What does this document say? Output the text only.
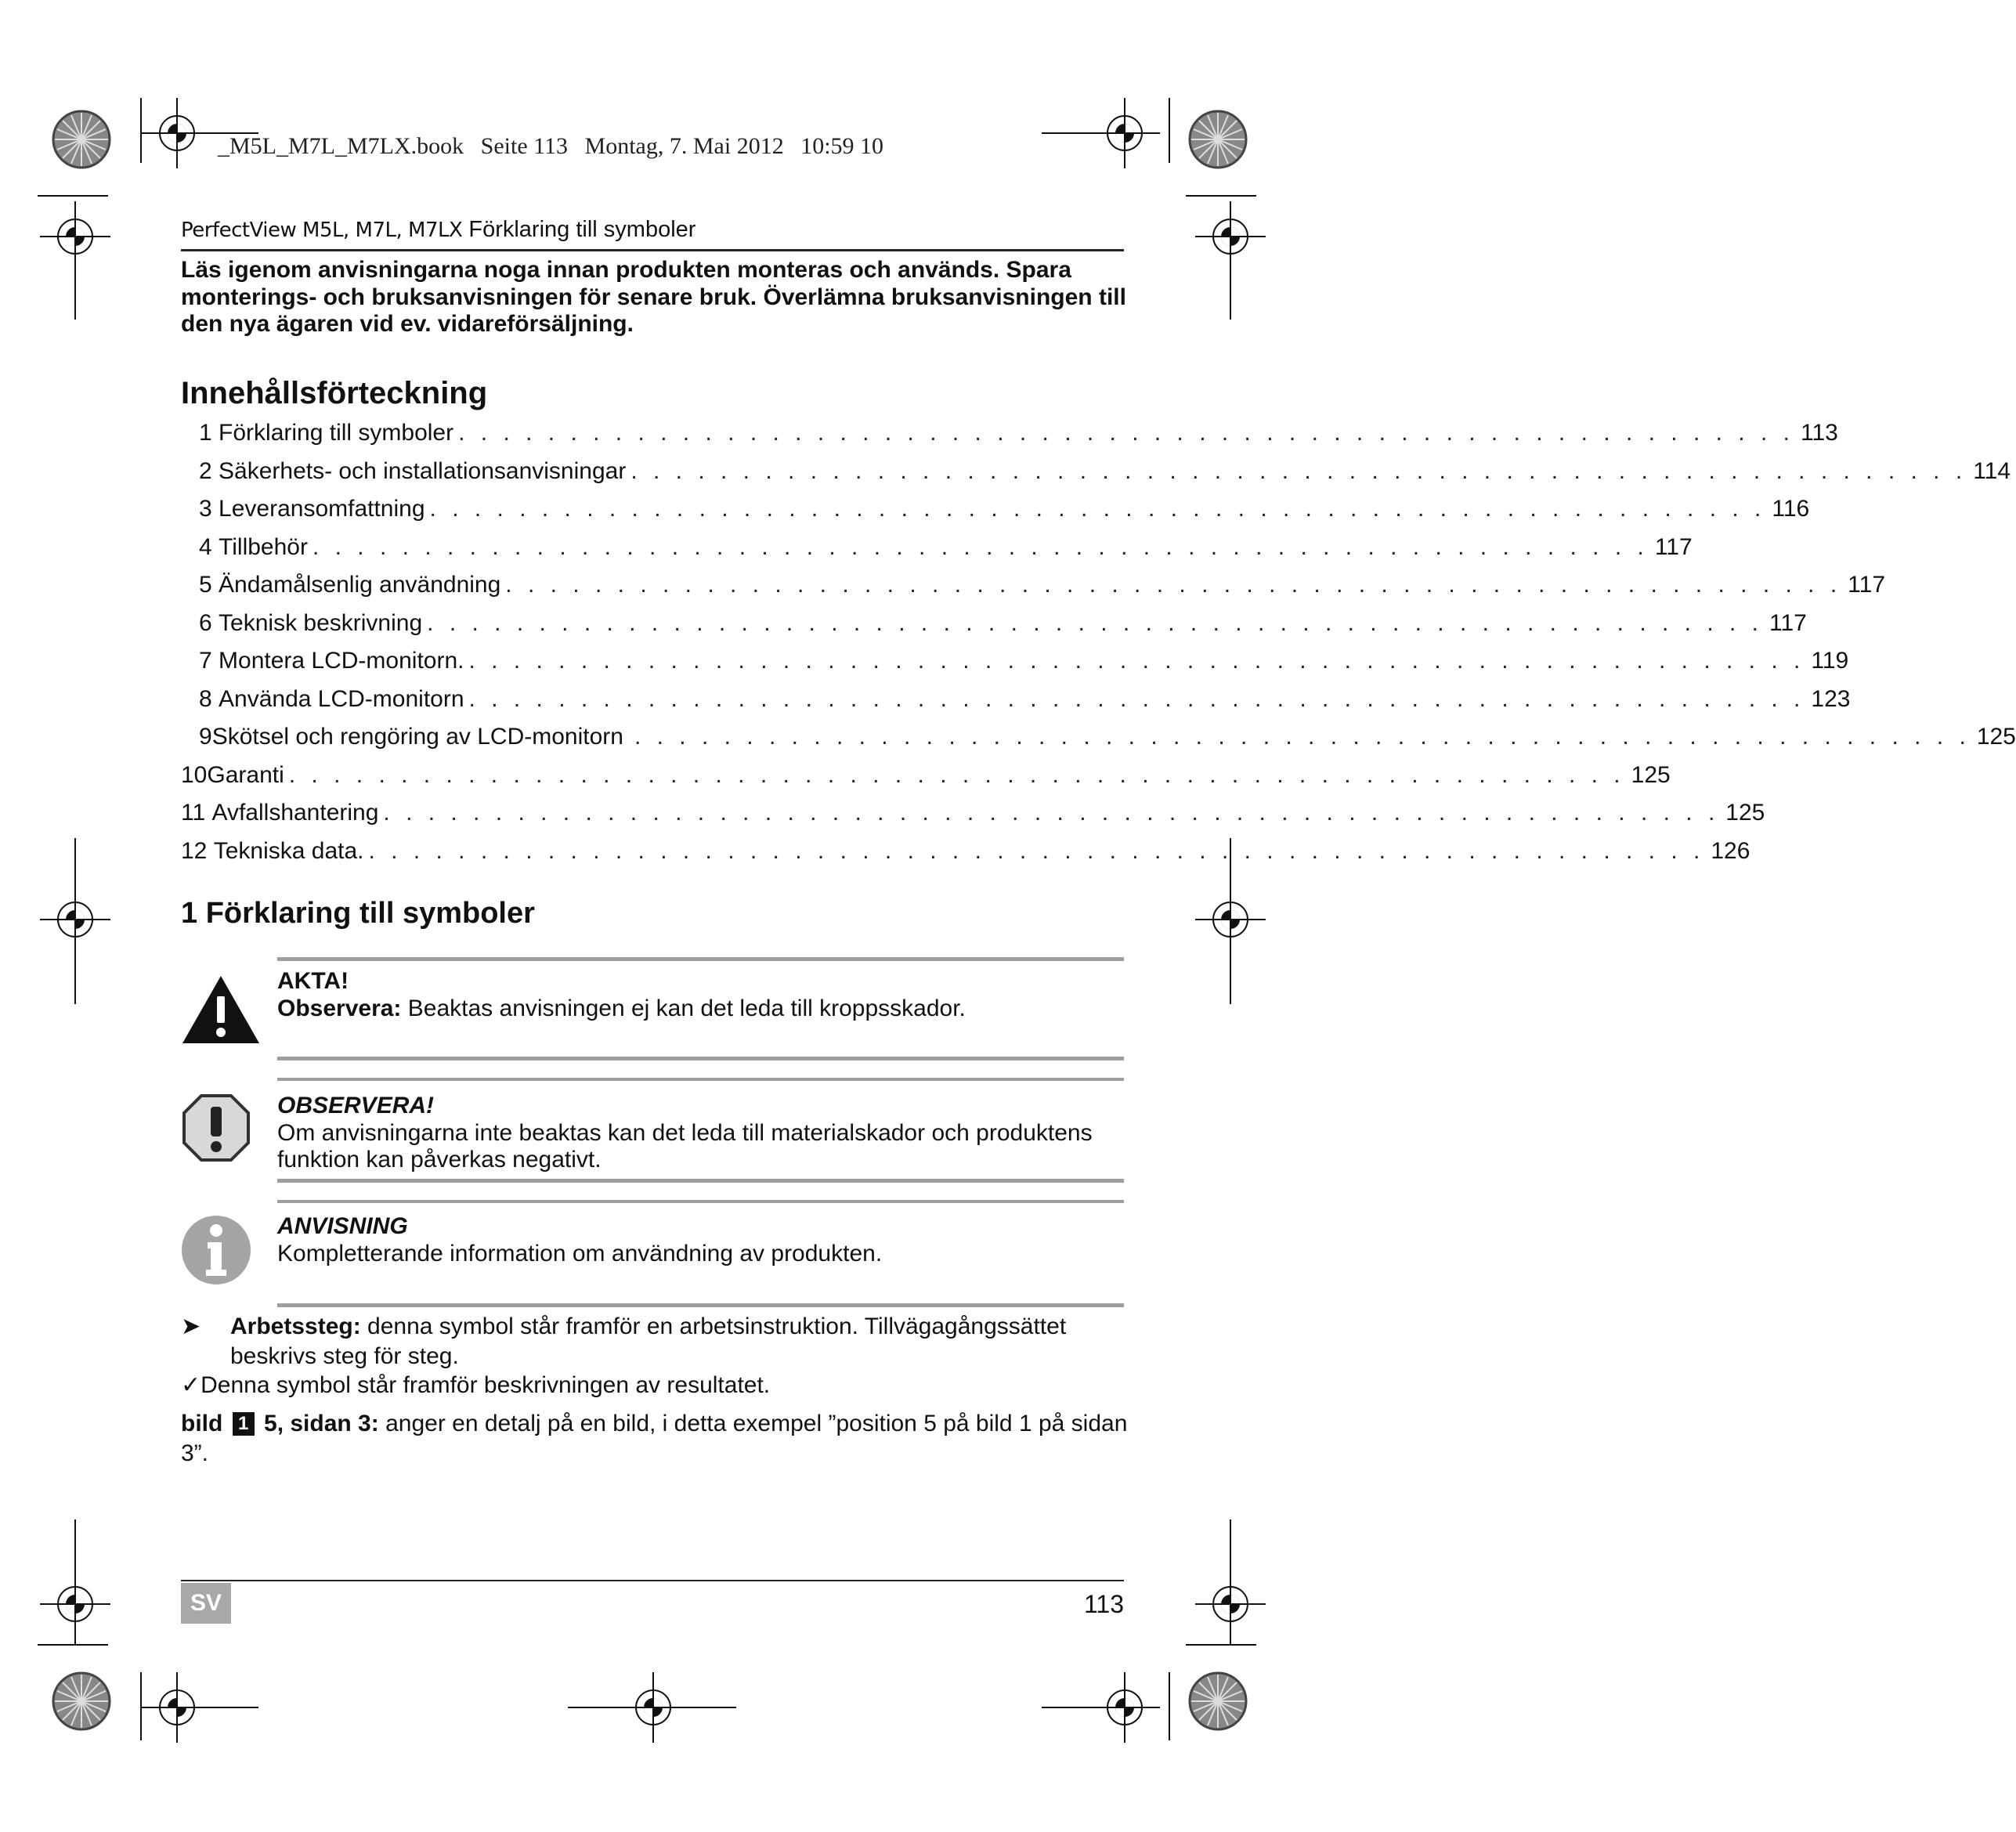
_M5L_M7L_M7LX.book Seite 113 Montag, 7. Mai 2012 10:59 10
PerfectView M5L, M7L, M7LX Förklaring till symboler
Läs igenom anvisningarna noga innan produkten monteras och används. Spara monterings- och bruksanvisningen för senare bruk. Överlämna bruksanvisningen till den nya ägaren vid ev. vidareförsäljning.
Innehållsförteckning
1
Förklaring till symboler . . . . . . . . . . . . . . . . . . . . . . . . . . . . . . . . . . . . . . . . . . . . . . . . . . . . . . . . . . . . 113
2
Säkerhets- och installationsanvisningar . . . . . . . . . . . . . . . . . . . . . . . . . . . . . . . . . . . . . . . . . . . . . . . . . . . . . . . . . . . . 114
3
Leveransomfattning . . . . . . . . . . . . . . . . . . . . . . . . . . . . . . . . . . . . . . . . . . . . . . . . . . . . . . . . . . . . 116
4
Tillbehör . . . . . . . . . . . . . . . . . . . . . . . . . . . . . . . . . . . . . . . . . . . . . . . . . . . . . . . . . . . . 117
5
Ändamålsenlig användning . . . . . . . . . . . . . . . . . . . . . . . . . . . . . . . . . . . . . . . . . . . . . . . . . . . . . . . . . . . . 117
6
Teknisk beskrivning . . . . . . . . . . . . . . . . . . . . . . . . . . . . . . . . . . . . . . . . . . . . . . . . . . . . . . . . . . . . 117
7
Montera LCD-monitorn. . . . . . . . . . . . . . . . . . . . . . . . . . . . . . . . . . . . . . . . . . . . . . . . . . . . . . . . . . . . . 119
8
Använda LCD-monitorn . . . . . . . . . . . . . . . . . . . . . . . . . . . . . . . . . . . . . . . . . . . . . . . . . . . . . . . . . . . . 123
9 Skötsel och rengöring av LCD-monitorn . . . . . . . . . . . . . . . . . . . . . . . . . . . . . . . . . . . . . . . . . . . . . . . . . . . . . . . . . . . . 125
10 Garanti . . . . . . . . . . . . . . . . . . . . . . . . . . . . . . . . . . . . . . . . . . . . . . . . . . . . . . . . . . . . 125
11
Avfallshantering . . . . . . . . . . . . . . . . . . . . . . . . . . . . . . . . . . . . . . . . . . . . . . . . . . . . . . . . . . . . 125
12
Tekniska data. . . . . . . . . . . . . . . . . . . . . . . . . . . . . . . . . . . . . . . . . . . . . . . . . . . . . . . . . . . . . 126
1 Förklaring till symboler
AKTA!
Observera: Beaktas anvisningen ej kan det leda till kroppsskador.
OBSERVERA!
Om anvisningarna inte beaktas kan det leda till materialskador och produktens funktion kan påverkas negativt.
ANVISNING
Kompletterande information om användning av produkten.
➤	Arbetssteg: denna symbol står framför en arbetsinstruktion. Tillvägagångssättet beskrivs steg för steg.
✓Denna symbol står framför beskrivningen av resultatet.
bild 1 5, sidan 3: anger en detalj på en bild, i detta exempel ”position 5 på bild 1 på sidan 3”.
SV	113
